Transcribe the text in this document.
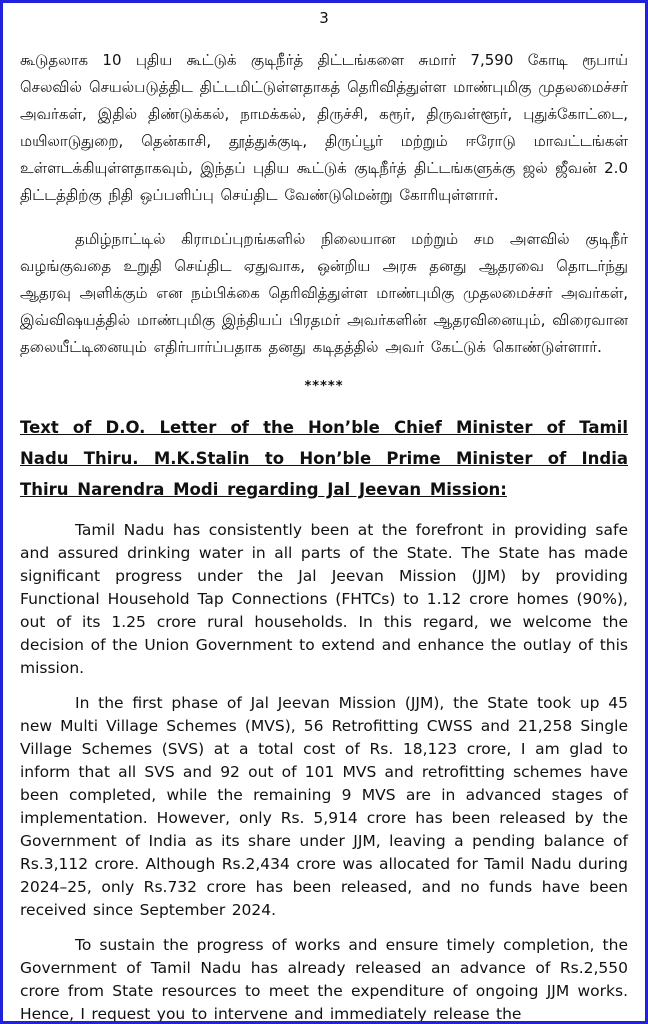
3

கூடுதலாக 10 புதிய கூட்டுக் குடிநீர்த் திட்டங்களை சுமார் 7,590 கோடி ரூபாய் செலவில் செயல்படுத்திட திட்டமிட்டுள்ளதாகத் தெரிவித்துள்ள மாண்புமிகு முதலமைச்சர் அவர்கள், இதில் திண்டுக்கல், நாமக்கல், திருச்சி, கரூர், திருவள்ளூர், புதுக்கோட்டை, மயிலாடுதுறை, தென்காசி, தூத்துக்குடி, திருப்பூர் மற்றும் ஈரோடு மாவட்டங்கள் உள்ளடக்கியுள்ளதாகவும், இந்தப் புதிய கூட்டுக் குடிநீர்த் திட்டங்களுக்கு ஜல் ஜீவன் 2.0 திட்டத்திற்கு நிதி ஒப்பளிப்பு செய்திட வேண்டுமென்று கோரியுள்ளார்.

தமிழ்நாட்டில் கிராமப்புறங்களில் நிலையான மற்றும் சம அளவில் குடிநீர் வழங்குவதை உறுதி செய்திட ஏதுவாக, ஒன்றிய அரசு தனது ஆதரவை தொடர்ந்து ஆதரவு அளிக்கும் என நம்பிக்கை தெரிவித்துள்ள மாண்புமிகு முதலமைச்சர் அவர்கள், இவ்விஷயத்தில் மாண்புமிகு இந்தியப் பிரதமர் அவர்களின் ஆதரவினையும், விரைவான தலையீட்டினையும் எதிர்பார்ப்பதாக தனது கடிதத்தில் அவர் கேட்டுக் கொண்டுள்ளார்.

*****

Text of D.O. Letter of the Hon’ble Chief Minister of Tamil Nadu Thiru. M.K.Stalin to Hon’ble Prime Minister of India Thiru Narendra Modi regarding Jal Jeevan Mission:

Tamil Nadu has consistently been at the forefront in providing safe and assured drinking water in all parts of the State. The State has made significant progress under the Jal Jeevan Mission (JJM) by providing Functional Household Tap Connections (FHTCs) to 1.12 crore homes (90%), out of its 1.25 crore rural households. In this regard, we welcome the decision of the Union Government to extend and enhance the outlay of this mission.

In the first phase of Jal Jeevan Mission (JJM), the State took up 45 new Multi Village Schemes (MVS), 56 Retrofitting CWSS and 21,258 Single Village Schemes (SVS) at a total cost of Rs. 18,123 crore, I am glad to inform that all SVS and 92 out of 101 MVS and retrofitting schemes have been completed, while the remaining 9 MVS are in advanced stages of implementation. However, only Rs. 5,914 crore has been released by the Government of India as its share under JJM, leaving a pending balance of Rs.3,112 crore. Although Rs.2,434 crore was allocated for Tamil Nadu during 2024–25, only Rs.732 crore has been released, and no funds have been received since September 2024.

To sustain the progress of works and ensure timely completion, the Government of Tamil Nadu has already released an advance of Rs.2,550 crore from State resources to meet the expenditure of ongoing JJM works. Hence, I request you to intervene and immediately release the
